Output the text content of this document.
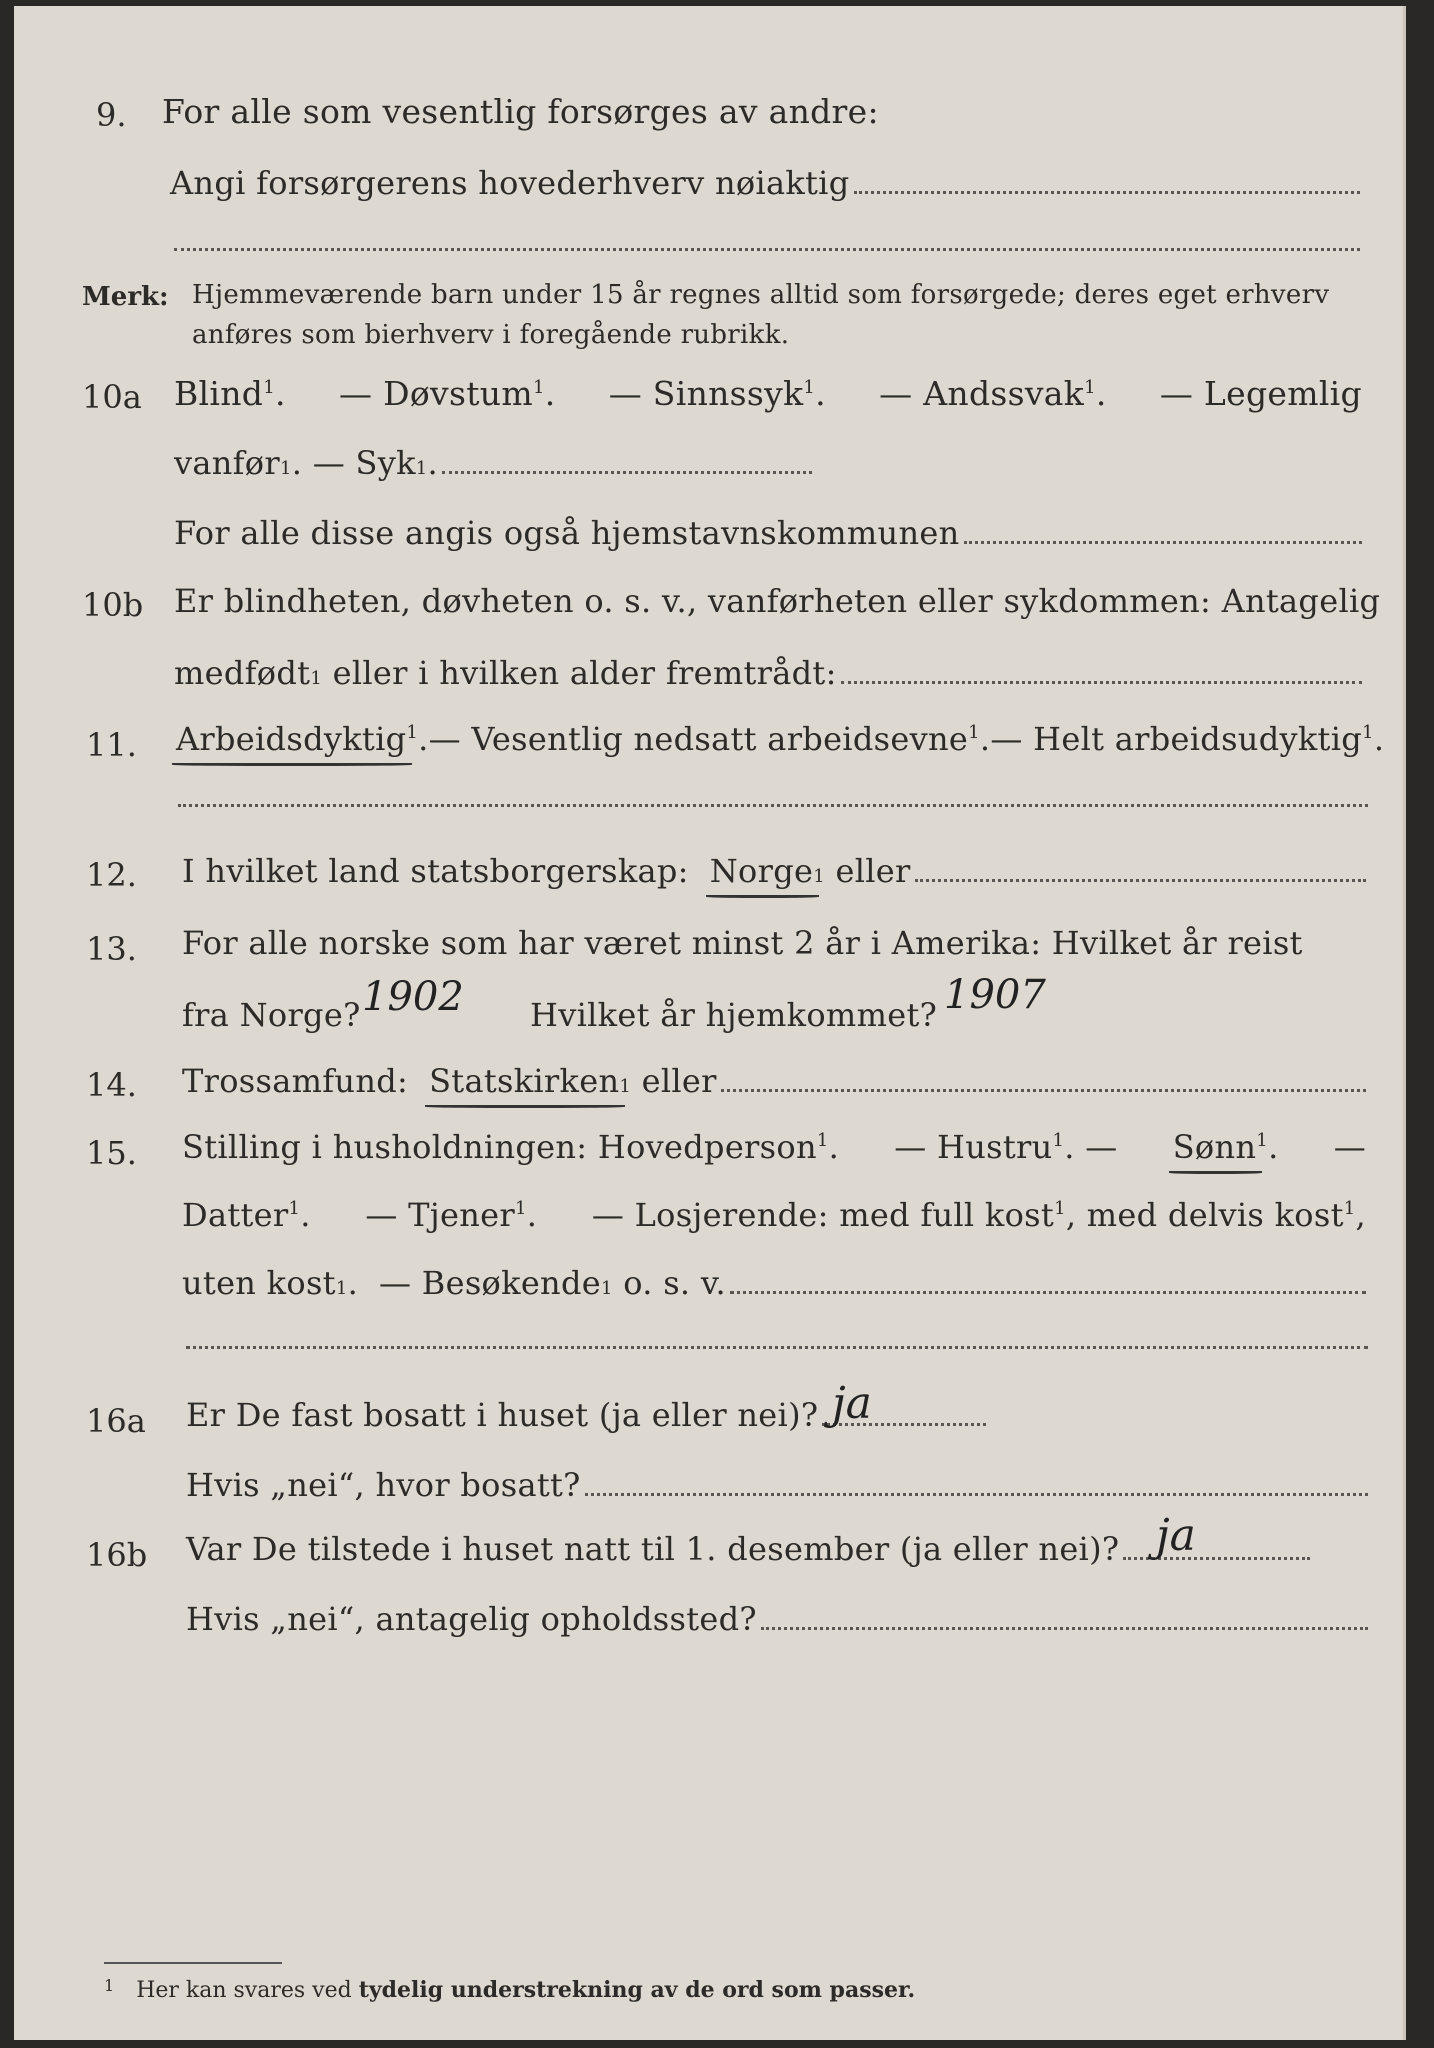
9. For alle som vesentlig forsørges av andre:
Angi forsørgerens hovederhverv nøiaktig
Merk: Hjemmeværende barn under 15 år regnes alltid som forsørgede; deres eget erhverv
anføres som bierhverv i foregående rubrikk.
10a Blind$^1$. — Døvstum$^1$. — Sinnssyk$^1$. — Andssvak$^1$. — Legemlig
vanfør 1 . — Syk 1 .
For alle disse angis også hjemstavnskommunen
10b Er blindheten, døvheten o. s. v., vanførheten eller sykdommen: Antagelig
medfødt 1
eller i hvilken alder fremtrådt:
11. Arbeidsdyktig$^1$. — Vesentlig nedsatt arbeidsevne$^1$. — Helt arbeidsudyktig$^1$.
12. I hvilket land statsborgerskap:
Norge 1
eller
13. For alle norske som har været minst 2 år i Amerika: Hvilket år reist
fra Norge? 1902 Hvilket år hjemkommet? 1907
14. Trossamfund:
Statskirken 1
eller
15. Stilling i husholdningen: Hovedperson$^1$. — Hustru$^1$. — Sønn$^1$. —
Datter$^1$. — Tjener$^1$. — Losjerende: med full kost$^1$, med delvis kost$^1$,
uten kost 1 . — Besøkende 1
o. s. v.
16a Er De fast bosatt i huset (ja eller nei)? ja
Hvis „nei“, hvor bosatt?
16b Var De tilstede i huset natt til 1. desember (ja eller nei)? ja
Hvis „nei“, antagelig opholdssted?
$^1$ Her kan svares ved tydelig understrekning av de ord som passer.
